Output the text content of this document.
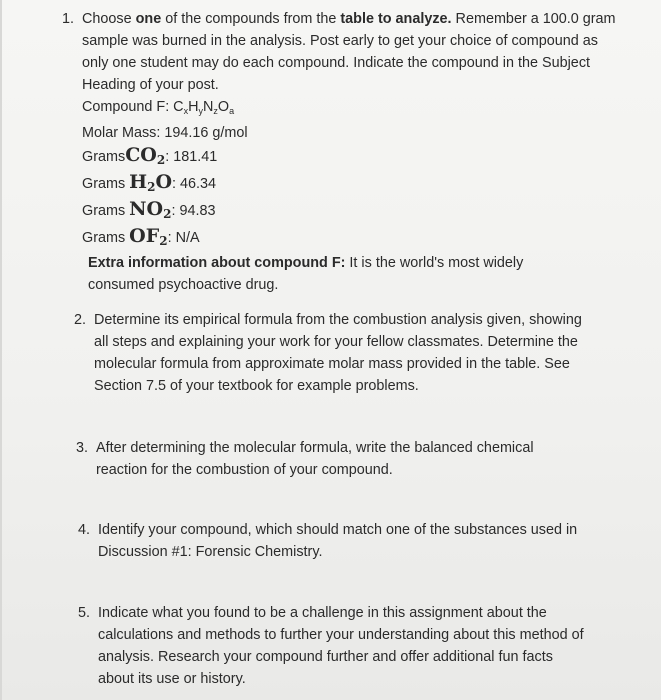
1. Choose one of the compounds from the table to analyze. Remember a 100.0 gram sample was burned in the analysis. Post early to get your choice of compound as only one student may do each compound. Indicate the compound in the Subject Heading of your post.
Compound F: $C_xH_yN_zO_a$
Molar Mass: 194.16 g/mol
GramsCO2: 181.41
Grams H2O: 46.34
Grams NO2: 94.83
Grams OF2: N/A
Extra information about compound F: It is the world's most widely consumed psychoactive drug.
2. Determine its empirical formula from the combustion analysis given, showing all steps and explaining your work for your fellow classmates. Determine the molecular formula from approximate molar mass provided in the table. See Section 7.5 of your textbook for example problems.
3. After determining the molecular formula, write the balanced chemical reaction for the combustion of your compound.
4. Identify your compound, which should match one of the substances used in Discussion #1: Forensic Chemistry.
5. Indicate what you found to be a challenge in this assignment about the calculations and methods to further your understanding about this method of analysis. Research your compound further and offer additional fun facts about its use or history.
